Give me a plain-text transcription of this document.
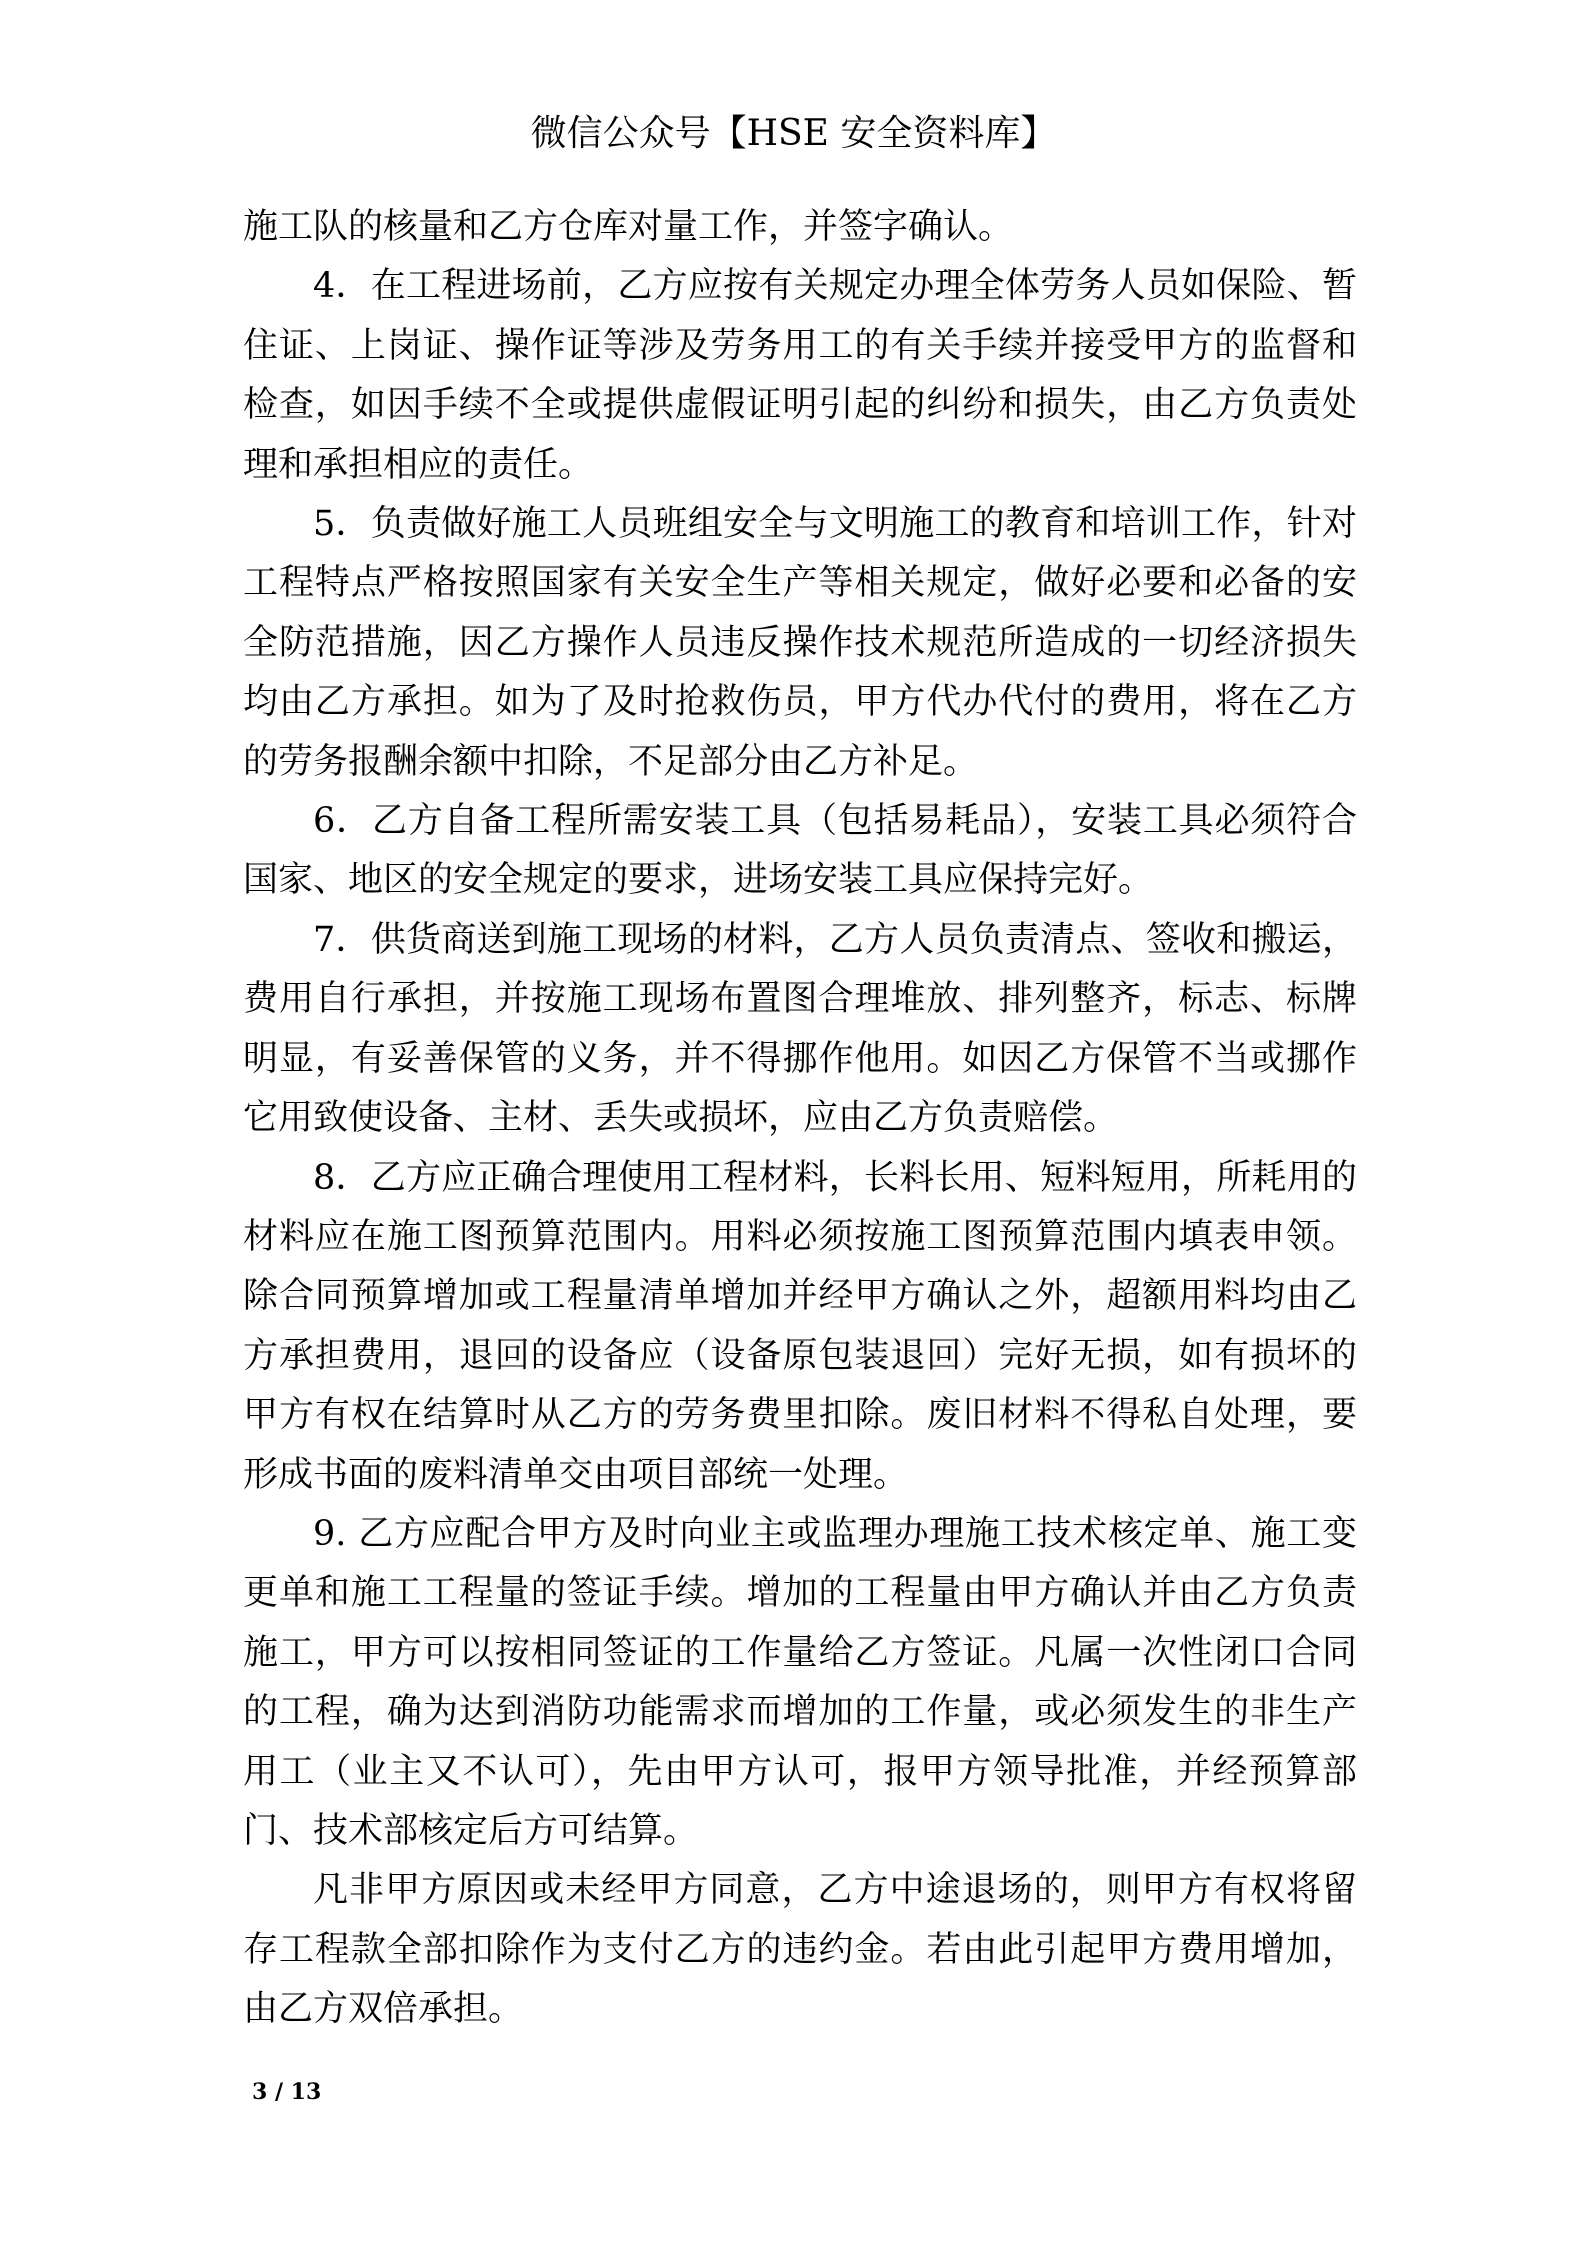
微信公众号【HSE 安全资料库】

施工队的核量和乙方仓库对量工作，并签字确认。

4．在工程进场前，乙方应按有关规定办理全体劳务人员如保险、暂住证、上岗证、操作证等涉及劳务用工的有关手续并接受甲方的监督和检查，如因手续不全或提供虚假证明引起的纠纷和损失，由乙方负责处理和承担相应的责任。

5．负责做好施工人员班组安全与文明施工的教育和培训工作，针对工程特点严格按照国家有关安全生产等相关规定，做好必要和必备的安全防范措施，因乙方操作人员违反操作技术规范所造成的一切经济损失均由乙方承担。如为了及时抢救伤员，甲方代办代付的费用，将在乙方的劳务报酬余额中扣除，不足部分由乙方补足。

6．乙方自备工程所需安装工具（包括易耗品），安装工具必须符合国家、地区的安全规定的要求，进场安装工具应保持完好。

7．供货商送到施工现场的材料，乙方人员负责清点、签收和搬运，费用自行承担，并按施工现场布置图合理堆放、排列整齐，标志、标牌明显，有妥善保管的义务，并不得挪作他用。如因乙方保管不当或挪作它用致使设备、主材、丢失或损坏，应由乙方负责赔偿。

8．乙方应正确合理使用工程材料，长料长用、短料短用，所耗用的材料应在施工图预算范围内。用料必须按施工图预算范围内填表申领。除合同预算增加或工程量清单增加并经甲方确认之外，超额用料均由乙方承担费用，退回的设备应（设备原包装退回）完好无损，如有损坏的甲方有权在结算时从乙方的劳务费里扣除。废旧材料不得私自处理，要形成书面的废料清单交由项目部统一处理。

9. 乙方应配合甲方及时向业主或监理办理施工技术核定单、施工变更单和施工工程量的签证手续。增加的工程量由甲方确认并由乙方负责施工，甲方可以按相同签证的工作量给乙方签证。凡属一次性闭口合同的工程，确为达到消防功能需求而增加的工作量，或必须发生的非生产用工（业主又不认可），先由甲方认可，报甲方领导批准，并经预算部门、技术部核定后方可结算。

凡非甲方原因或未经甲方同意，乙方中途退场的，则甲方有权将留存工程款全部扣除作为支付乙方的违约金。若由此引起甲方费用增加，由乙方双倍承担。

3 / 13
